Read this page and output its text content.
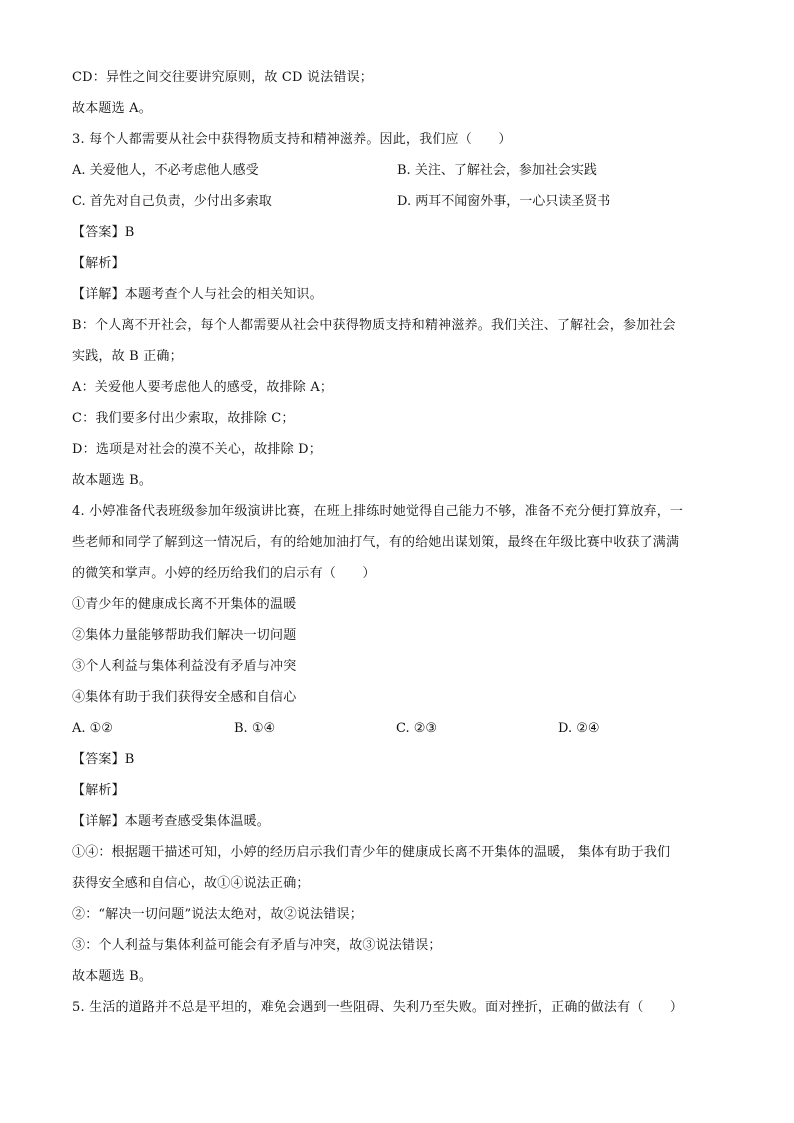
CD：异性之间交往要讲究原则，故 CD 说法错误；
故本题选 A。
3. 每个人都需要从社会中获得物质支持和精神滋养。因此，我们应（　　）
A. 关爱他人，不必考虑他人感受	B. 关注、了解社会，参加社会实践
C. 首先对自己负责，少付出多索取	D. 两耳不闻窗外事，一心只读圣贤书
【答案】B
【解析】
【详解】本题考查个人与社会的相关知识。
B：个人离不开社会，每个人都需要从社会中获得物质支持和精神滋养。我们关注、了解社会，参加社会
实践，故 B 正确；
A：关爱他人要考虑他人的感受，故排除 A；
C：我们要多付出少索取，故排除 C；
D：选项是对社会的漠不关心，故排除 D；
故本题选 B。
4. 小婷准备代表班级参加年级演讲比赛，在班上排练时她觉得自己能力不够，准备不充分便打算放弃，一
些老师和同学了解到这一情况后，有的给她加油打气，有的给她出谋划策，最终在年级比赛中收获了满满
的微笑和掌声。小婷的经历给我们的启示有（　　）
①青少年的健康成长离不开集体的温暖
②集体力量能够帮助我们解决一切问题
③个人利益与集体利益没有矛盾与冲突
④集体有助于我们获得安全感和自信心
A. ①②	B. ①④	C. ②③	D. ②④
【答案】B
【解析】
【详解】本题考查感受集体温暖。
①④：根据题干描述可知，小婷的经历启示我们青少年的健康成长离不开集体的温暖， 集体有助于我们
获得安全感和自信心，故①④说法正确；
②：“解决一切问题”说法太绝对，故②说法错误；
③：个人利益与集体利益可能会有矛盾与冲突，故③说法错误；
故本题选 B。
5. 生活的道路并不总是平坦的，难免会遇到一些阻碍、失利乃至失败。面对挫折，正确的做法有（　　）
